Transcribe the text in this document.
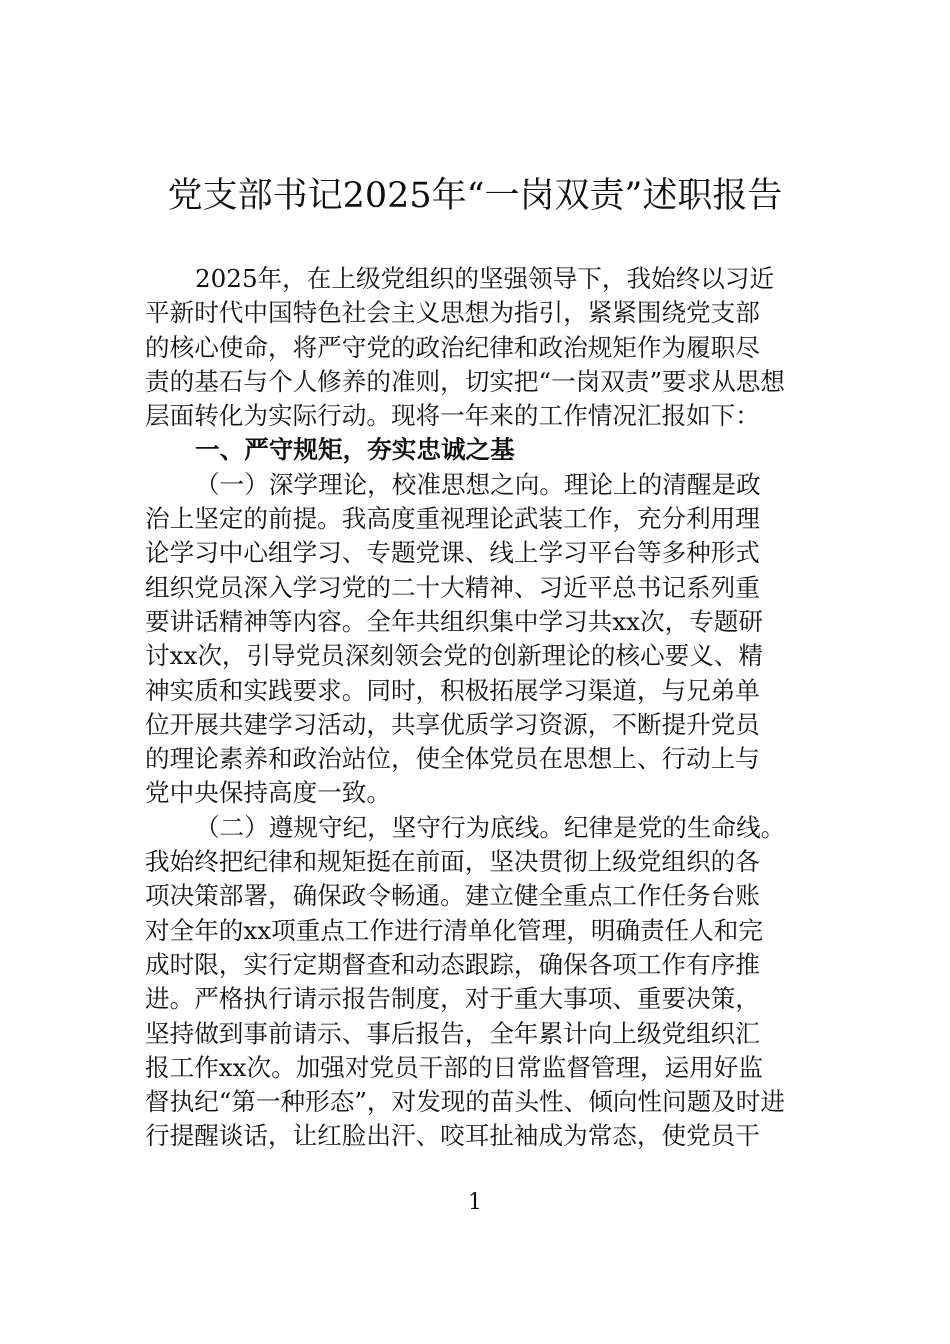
党支部书记2025年“一岗双责”述职报告
2025年，在上级党组织的坚强领导下，我始终以习近
平新时代中国特色社会主义思想为指引，紧紧围绕党支部
的核心使命，将严守党的政治纪律和政治规矩作为履职尽
责的基石与个人修养的准则，切实把“一岗双责”要求从思想
层面转化为实际行动。现将一年来的工作情况汇报如下：
一、严守规矩，夯实忠诚之基
（一）深学理论，校准思想之向。理论上的清醒是政
治上坚定的前提。我高度重视理论武装工作，充分利用理
论学习中心组学习、专题党课、线上学习平台等多种形式
组织党员深入学习党的二十大精神、习近平总书记系列重
要讲话精神等内容。全年共组织集中学习共xx次，专题研
讨xx次，引导党员深刻领会党的创新理论的核心要义、精
神实质和实践要求。同时，积极拓展学习渠道，与兄弟单
位开展共建学习活动，共享优质学习资源，不断提升党员
的理论素养和政治站位，使全体党员在思想上、行动上与
党中央保持高度一致。
（二）遵规守纪，坚守行为底线。纪律是党的生命线。
我始终把纪律和规矩挺在前面，坚决贯彻上级党组织的各
项决策部署，确保政令畅通。建立健全重点工作任务台账
对全年的xx项重点工作进行清单化管理，明确责任人和完
成时限，实行定期督查和动态跟踪，确保各项工作有序推
进。严格执行请示报告制度，对于重大事项、重要决策，
坚持做到事前请示、事后报告，全年累计向上级党组织汇
报工作xx次。加强对党员干部的日常监督管理，运用好监
督执纪“第一种形态”，对发现的苗头性、倾向性问题及时进
行提醒谈话，让红脸出汗、咬耳扯袖成为常态，使党员干
1
